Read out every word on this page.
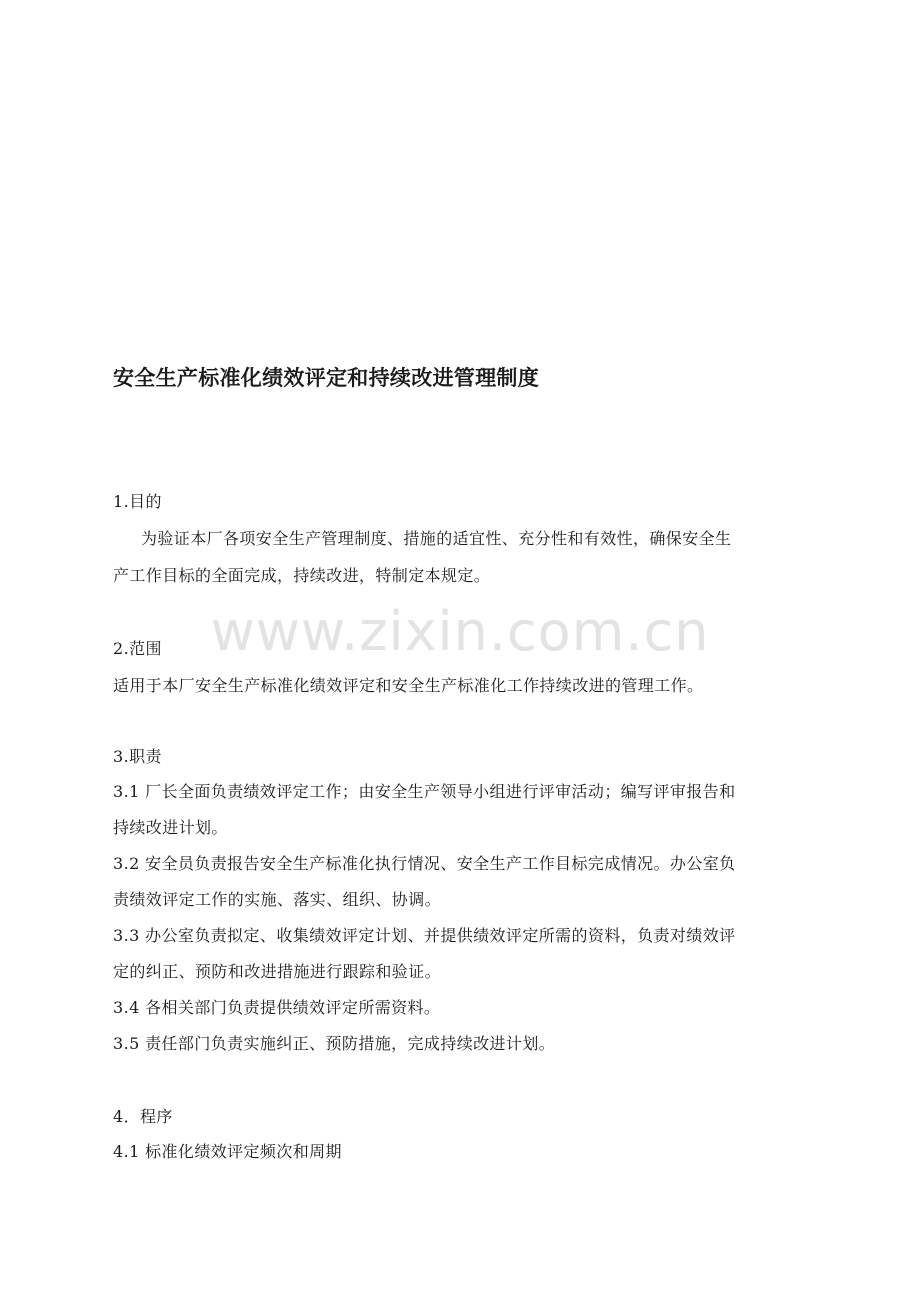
www.zixin.com.cn
安全生产标准化绩效评定和持续改进管理制度

1.目的

为验证本厂各项安全生产管理制度、措施的适宜性、充分性和有效性，确保安全生

产工作目标的全面完成，持续改进，特制定本规定。

2.范围

适用于本厂安全生产标准化绩效评定和安全生产标准化工作持续改进的管理工作。

3.职责

3.1 厂长全面负责绩效评定工作；由安全生产领导小组进行评审活动；编写评审报告和

持续改进计划。

3.2 安全员负责报告安全生产标准化执行情况、安全生产工作目标完成情况。办公室负

责绩效评定工作的实施、落实、组织、协调。

3.3 办公室负责拟定、收集绩效评定计划、并提供绩效评定所需的资料，负责对绩效评

定的纠正、预防和改进措施进行跟踪和验证。

3.4 各相关部门负责提供绩效评定所需资料。

3.5 责任部门负责实施纠正、预防措施，完成持续改进计划。

4．程序

4.1 标准化绩效评定频次和周期
